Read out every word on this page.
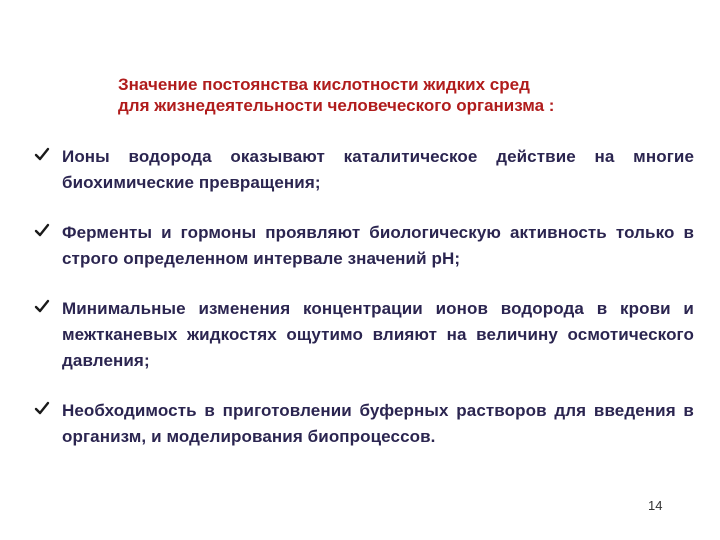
Значение постоянства кислотности жидких сред
для жизнедеятельности человеческого организма :
Ионы водорода оказывают каталитическое действие на многие биохимические превращения;
Ферменты и гормоны проявляют биологическую активность только в строго определенном интервале значений pH;
Минимальные изменения концентрации ионов водорода в крови и межтканевых жидкостях ощутимо влияют на величину осмотического давления;
Необходимость в приготовлении буферных растворов для введения в организм, и моделирования биопроцессов.
14
